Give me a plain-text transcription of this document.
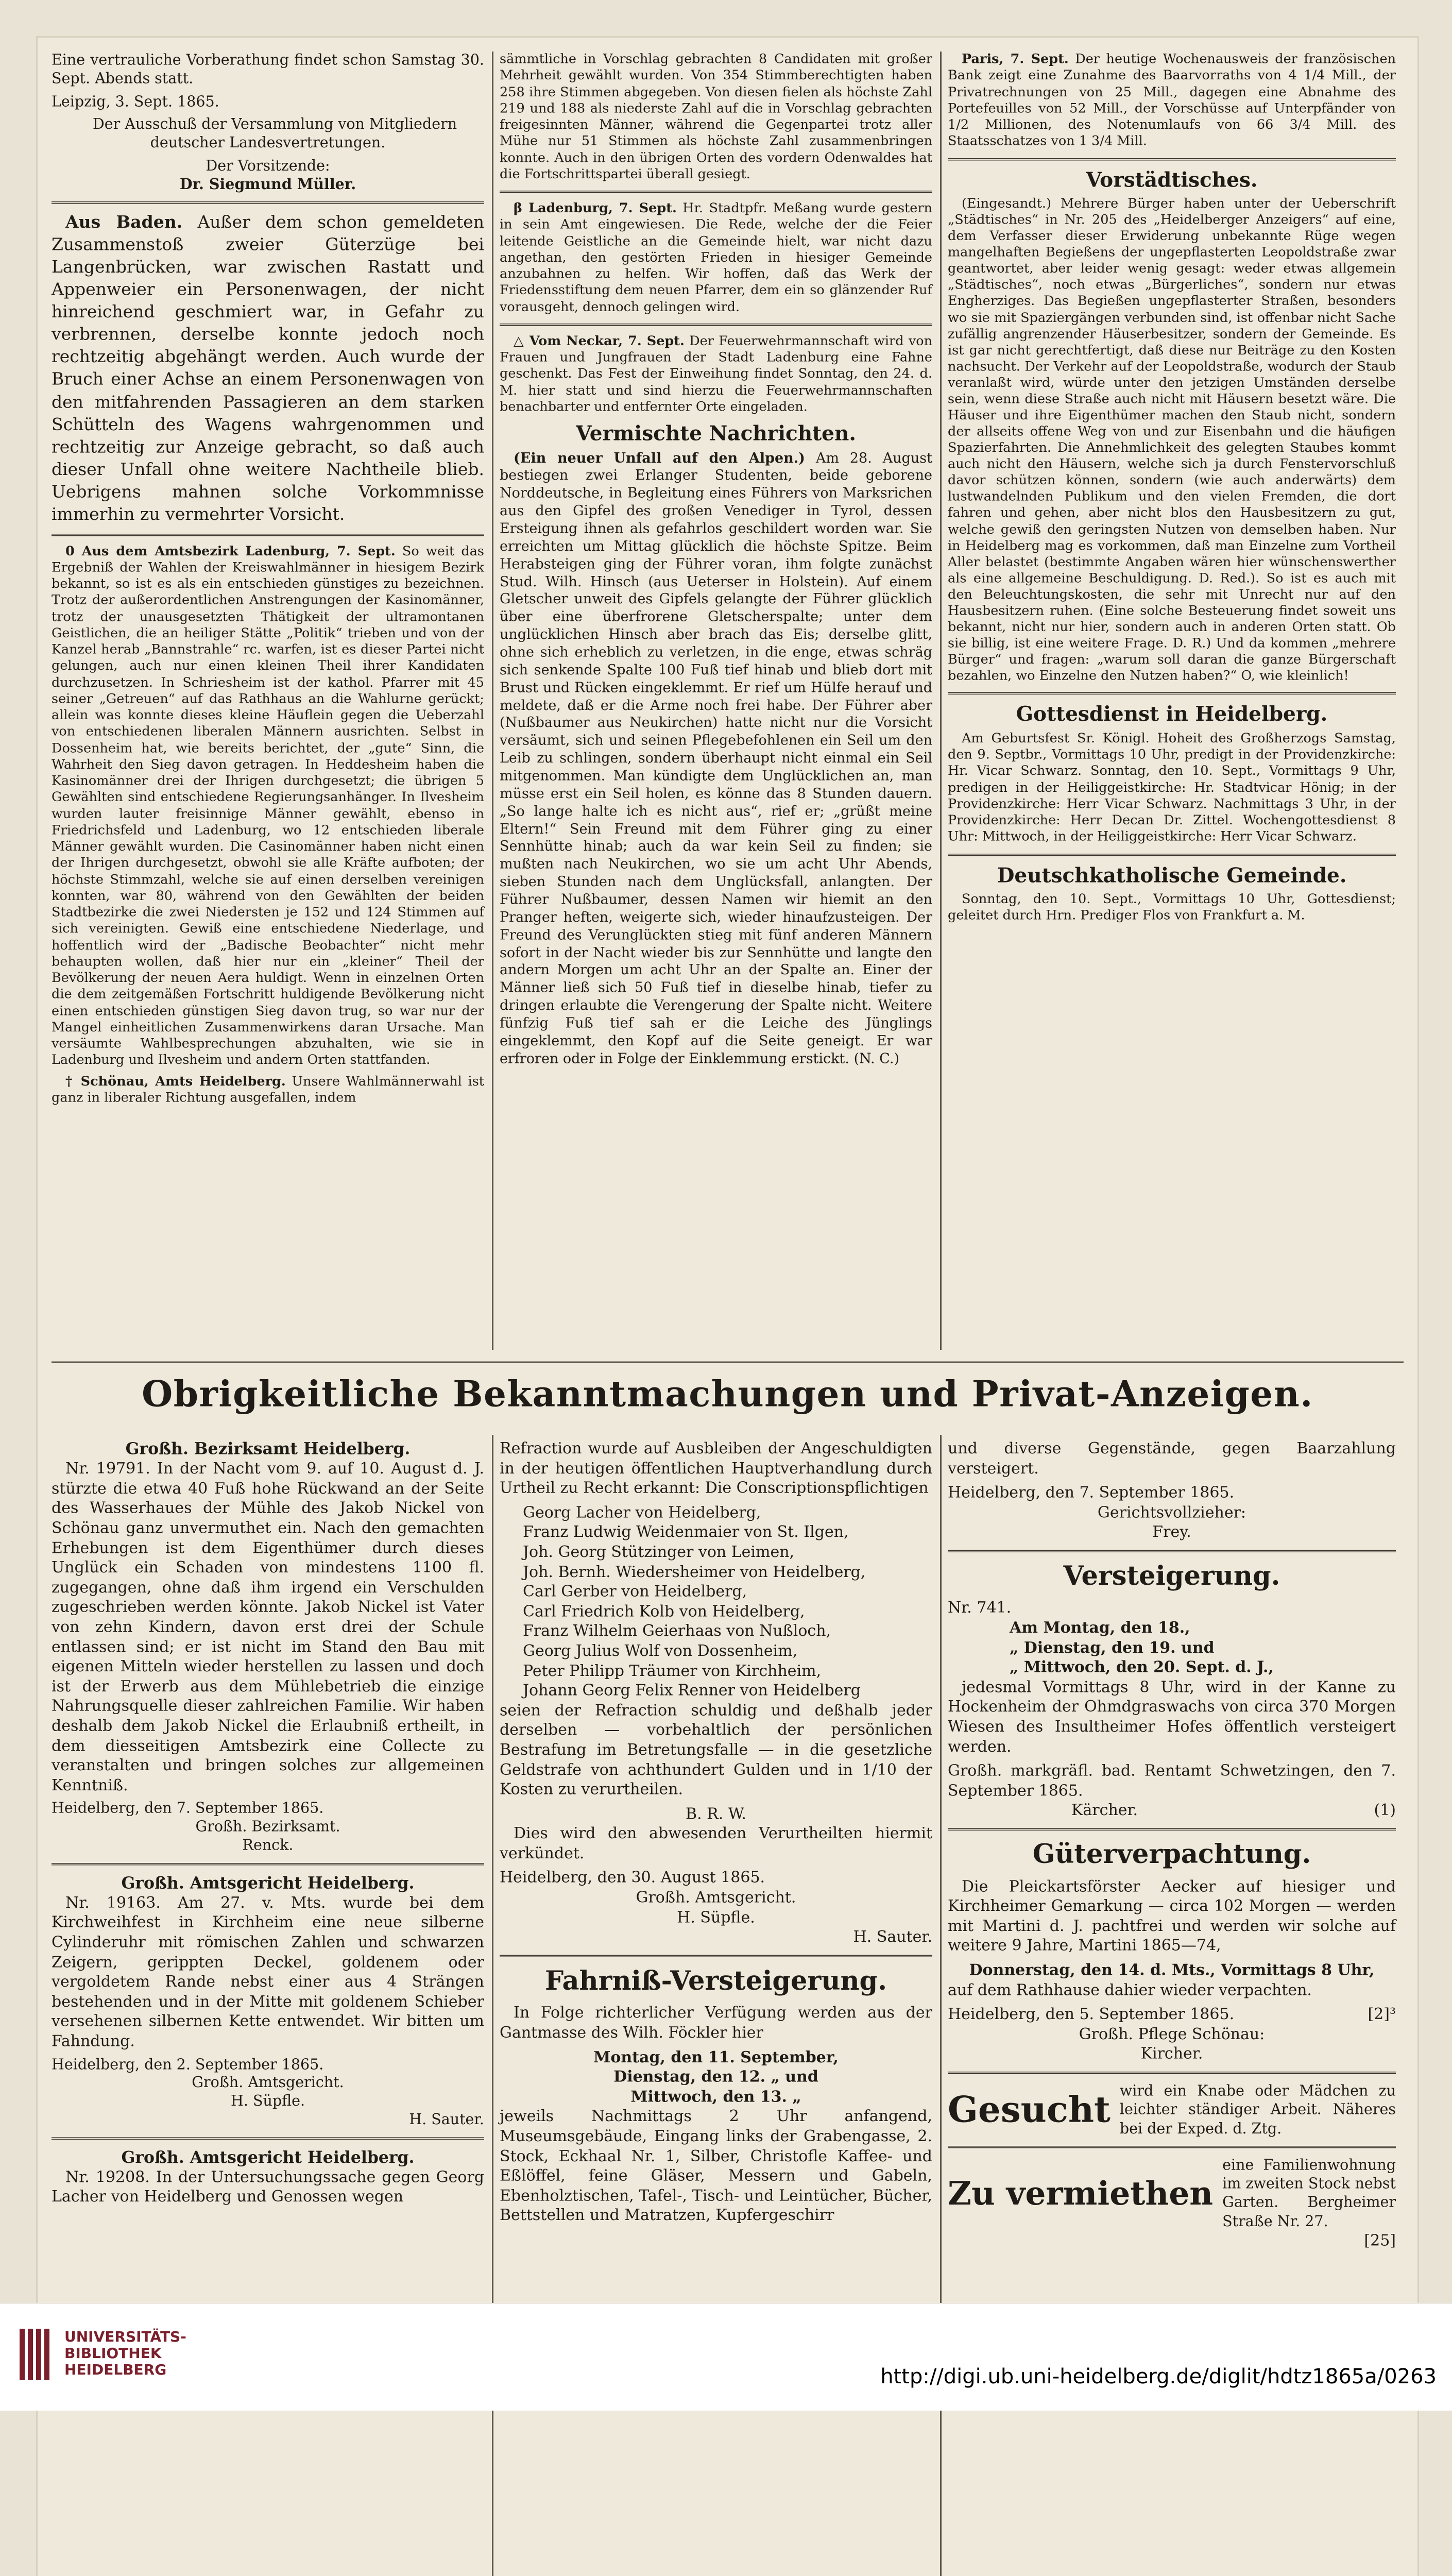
Eine vertrauliche Vorberathung findet schon Samstag 30. Sept. Abends statt.

Leipzig, 3. Sept. 1865.

Der Ausschuß der Versammlung von Mitgliedern deutscher Landesvertretungen.

Der Vorsitzende:
Dr. Siegmund Müller.

Aus Baden. Außer dem schon gemeldeten Zusammenstoß zweier Güterzüge bei Langenbrücken, war zwischen Rastatt und Appenweier ein Personenwagen, der nicht hinreichend geschmiert war, in Gefahr zu verbrennen, derselbe konnte jedoch noch rechtzeitig abgehängt werden. Auch wurde der Bruch einer Achse an einem Personenwagen von den mitfahrenden Passagieren an dem starken Schütteln des Wagens wahrgenommen und rechtzeitig zur Anzeige gebracht, so daß auch dieser Unfall ohne weitere Nachtheile blieb. Uebrigens mahnen solche Vorkommnisse immerhin zu vermehrter Vorsicht.

0 Aus dem Amtsbezirk Ladenburg, 7. Sept. So weit das Ergebniß der Wahlen der Kreiswahlmänner in hiesigem Bezirk bekannt, so ist es als ein entschieden günstiges zu bezeichnen. Trotz der außerordentlichen Anstrengungen der Kasinomänner, trotz der unausgesetzten Thätigkeit der ultramontanen Geistlichen, die an heiliger Stätte „Politik“ trieben und von der Kanzel herab „Bannstrahle“ rc. warfen, ist es dieser Partei nicht gelungen, auch nur einen kleinen Theil ihrer Kandidaten durchzusetzen. In Schriesheim ist der kathol. Pfarrer mit 45 seiner „Getreuen“ auf das Rathhaus an die Wahlurne gerückt; allein was konnte dieses kleine Häuflein gegen die Ueberzahl von entschiedenen liberalen Männern ausrichten. Selbst in Dossenheim hat, wie bereits berichtet, der „gute“ Sinn, die Wahrheit den Sieg davon getragen. In Heddesheim haben die Kasinomänner drei der Ihrigen durchgesetzt; die übrigen 5 Gewählten sind entschiedene Regierungsanhänger. In Ilvesheim wurden lauter freisinnige Männer gewählt, ebenso in Friedrichsfeld und Ladenburg, wo 12 entschieden liberale Männer gewählt wurden. Die Casinomänner haben nicht einen der Ihrigen durchgesetzt, obwohl sie alle Kräfte aufboten; der höchste Stimmzahl, welche sie auf einen derselben vereinigen konnten, war 80, während von den Gewählten der beiden Stadtbezirke die zwei Niedersten je 152 und 124 Stimmen auf sich vereinigten. Gewiß eine entschiedene Niederlage, und hoffentlich wird der „Badische Beobachter“ nicht mehr behaupten wollen, daß hier nur ein „kleiner“ Theil der Bevölkerung der neuen Aera huldigt. Wenn in einzelnen Orten die dem zeitgemäßen Fortschritt huldigende Bevölkerung nicht einen entschieden günstigen Sieg davon trug, so war nur der Mangel einheitlichen Zusammenwirkens daran Ursache. Man versäumte Wahlbesprechungen abzuhalten, wie sie in Ladenburg und Ilvesheim und andern Orten stattfanden.

† Schönau, Amts Heidelberg. Unsere Wahlmännerwahl ist ganz in liberaler Richtung ausgefallen, indem

sämmtliche in Vorschlag gebrachten 8 Candidaten mit großer Mehrheit gewählt wurden. Von 354 Stimmberechtigten haben 258 ihre Stimmen abgegeben. Von diesen fielen als höchste Zahl 219 und 188 als niederste Zahl auf die in Vorschlag gebrachten freigesinnten Männer, während die Gegenpartei trotz aller Mühe nur 51 Stimmen als höchste Zahl zusammenbringen konnte. Auch in den übrigen Orten des vordern Odenwaldes hat die Fortschrittspartei überall gesiegt.

β Ladenburg, 7. Sept. Hr. Stadtpfr. Meßang wurde gestern in sein Amt eingewiesen. Die Rede, welche der die Feier leitende Geistliche an die Gemeinde hielt, war nicht dazu angethan, den gestörten Frieden in hiesiger Gemeinde anzubahnen zu helfen. Wir hoffen, daß das Werk der Friedensstiftung dem neuen Pfarrer, dem ein so glänzender Ruf vorausgeht, dennoch gelingen wird.

△ Vom Neckar, 7. Sept. Der Feuerwehrmannschaft wird von Frauen und Jungfrauen der Stadt Ladenburg eine Fahne geschenkt. Das Fest der Einweihung findet Sonntag, den 24. d. M. hier statt und sind hierzu die Feuerwehrmannschaften benachbarter und entfernter Orte eingeladen.

Vermischte Nachrichten.

(Ein neuer Unfall auf den Alpen.) Am 28. August bestiegen zwei Erlanger Studenten, beide geborene Norddeutsche, in Begleitung eines Führers von Marksrichen aus den Gipfel des großen Venediger in Tyrol, dessen Ersteigung ihnen als gefahrlos geschildert worden war. Sie erreichten um Mittag glücklich die höchste Spitze. Beim Herabsteigen ging der Führer voran, ihm folgte zunächst Stud. Wilh. Hinsch (aus Ueterser in Holstein). Auf einem Gletscher unweit des Gipfels gelangte der Führer glücklich über eine überfrorene Gletscherspalte; unter dem unglücklichen Hinsch aber brach das Eis; derselbe glitt, ohne sich erheblich zu verletzen, in die enge, etwas schräg sich senkende Spalte 100 Fuß tief hinab und blieb dort mit Brust und Rücken eingeklemmt. Er rief um Hülfe herauf und meldete, daß er die Arme noch frei habe. Der Führer aber (Nußbaumer aus Neukirchen) hatte nicht nur die Vorsicht versäumt, sich und seinen Pflegebefohlenen ein Seil um den Leib zu schlingen, sondern überhaupt nicht einmal ein Seil mitgenommen. Man kündigte dem Unglücklichen an, man müsse erst ein Seil holen, es könne das 8 Stunden dauern. „So lange halte ich es nicht aus“, rief er; „grüßt meine Eltern!“ Sein Freund mit dem Führer ging zu einer Sennhütte hinab; auch da war kein Seil zu finden; sie mußten nach Neukirchen, wo sie um acht Uhr Abends, sieben Stunden nach dem Unglücksfall, anlangten. Der Führer Nußbaumer, dessen Namen wir hiemit an den Pranger heften, weigerte sich, wieder hinaufzusteigen. Der Freund des Verunglückten stieg mit fünf anderen Männern sofort in der Nacht wieder bis zur Sennhütte und langte den andern Morgen um acht Uhr an der Spalte an. Einer der Männer ließ sich 50 Fuß tief in dieselbe hinab, tiefer zu dringen erlaubte die Verengerung der Spalte nicht. Weitere fünfzig Fuß tief sah er die Leiche des Jünglings eingeklemmt, den Kopf auf die Seite geneigt. Er war erfroren oder in Folge der Einklemmung erstickt. (N. C.)

Paris, 7. Sept. Der heutige Wochenausweis der französischen Bank zeigt eine Zunahme des Baarvorraths von 4 1/4 Mill., der Privatrechnungen von 25 Mill., dagegen eine Abnahme des Portefeuilles von 52 Mill., der Vorschüsse auf Unterpfänder von 1/2 Millionen, des Notenumlaufs von 66 3/4 Mill. des Staatsschatzes von 1 3/4 Mill.

Vorstädtisches.

(Eingesandt.) Mehrere Bürger haben unter der Ueberschrift „Städtisches“ in Nr. 205 des „Heidelberger Anzeigers“ auf eine, dem Verfasser dieser Erwiderung unbekannte Rüge wegen mangelhaften Begießens der ungepflasterten Leopoldstraße zwar geantwortet, aber leider wenig gesagt: weder etwas allgemein „Städtisches“, noch etwas „Bürgerliches“, sondern nur etwas Engherziges. Das Begießen ungepflasterter Straßen, besonders wo sie mit Spaziergängen verbunden sind, ist offenbar nicht Sache zufällig angrenzender Häuserbesitzer, sondern der Gemeinde. Es ist gar nicht gerechtfertigt, daß diese nur Beiträge zu den Kosten nachsucht. Der Verkehr auf der Leopoldstraße, wodurch der Staub veranlaßt wird, würde unter den jetzigen Umständen derselbe sein, wenn diese Straße auch nicht mit Häusern besetzt wäre. Die Häuser und ihre Eigenthümer machen den Staub nicht, sondern der allseits offene Weg von und zur Eisenbahn und die häufigen Spazierfahrten. Die Annehmlichkeit des gelegten Staubes kommt auch nicht den Häusern, welche sich ja durch Fenstervorschluß davor schützen können, sondern (wie auch anderwärts) dem lustwandelnden Publikum und den vielen Fremden, die dort fahren und gehen, aber nicht blos den Hausbesitzern zu gut, welche gewiß den geringsten Nutzen von demselben haben. Nur in Heidelberg mag es vorkommen, daß man Einzelne zum Vortheil Aller belastet (bestimmte Angaben wären hier wünschenswerther als eine allgemeine Beschuldigung. D. Red.). So ist es auch mit den Beleuchtungskosten, die sehr mit Unrecht nur auf den Hausbesitzern ruhen. (Eine solche Besteuerung findet soweit uns bekannt, nicht nur hier, sondern auch in anderen Orten statt. Ob sie billig, ist eine weitere Frage. D. R.) Und da kommen „mehrere Bürger“ und fragen: „warum soll daran die ganze Bürgerschaft bezahlen, wo Einzelne den Nutzen haben?“ O, wie kleinlich!

Gottesdienst in Heidelberg.

Am Geburtsfest Sr. Königl. Hoheit des Großherzogs Samstag, den 9. Septbr., Vormittags 10 Uhr, predigt in der Providenzkirche: Hr. Vicar Schwarz. Sonntag, den 10. Sept., Vormittags 9 Uhr, predigen in der Heiliggeistkirche: Hr. Stadtvicar Hönig; in der Providenzkirche: Herr Vicar Schwarz. Nachmittags 3 Uhr, in der Providenzkirche: Herr Decan Dr. Zittel. Wochengottesdienst 8 Uhr: Mittwoch, in der Heiliggeistkirche: Herr Vicar Schwarz.

Deutschkatholische Gemeinde.

Sonntag, den 10. Sept., Vormittags 10 Uhr, Gottesdienst; geleitet durch Hrn. Prediger Flos von Frankfurt a. M.

Obrigkeitliche Bekanntmachungen und Privat-Anzeigen.
Großh. Bezirksamt Heidelberg.

Nr. 19791. In der Nacht vom 9. auf 10. August d. J. stürzte die etwa 40 Fuß hohe Rückwand an der Seite des Wasserhaues der Mühle des Jakob Nickel von Schönau ganz unvermuthet ein. Nach den gemachten Erhebungen ist dem Eigenthümer durch dieses Unglück ein Schaden von mindestens 1100 fl. zugegangen, ohne daß ihm irgend ein Verschulden zugeschrieben werden könnte. Jakob Nickel ist Vater von zehn Kindern, davon erst drei der Schule entlassen sind; er ist nicht im Stand den Bau mit eigenen Mitteln wieder herstellen zu lassen und doch ist der Erwerb aus dem Mühlebetrieb die einzige Nahrungsquelle dieser zahlreichen Familie. Wir haben deshalb dem Jakob Nickel die Erlaubniß ertheilt, in dem diesseitigen Amtsbezirk eine Collecte zu veranstalten und bringen solches zur allgemeinen Kenntniß.

Heidelberg, den 7. September 1865.
Großh. Bezirksamt.
Renck.
Großh. Amtsgericht Heidelberg.

Nr. 19163. Am 27. v. Mts. wurde bei dem Kirchweihfest in Kirchheim eine neue silberne Cylinderuhr mit römischen Zahlen und schwarzen Zeigern, gerippten Deckel, goldenem oder vergoldetem Rande nebst einer aus 4 Strängen bestehenden und in der Mitte mit goldenem Schieber versehenen silbernen Kette entwendet. Wir bitten um Fahndung.

Heidelberg, den 2. September 1865.
Großh. Amtsgericht.
H. Süpfle.
H. Sauter.
Großh. Amtsgericht Heidelberg.

Nr. 19208. In der Untersuchungssache gegen Georg Lacher von Heidelberg und Genossen wegen

Refraction wurde auf Ausbleiben der Angeschuldigten in der heutigen öffentlichen Hauptverhandlung durch Urtheil zu Recht erkannt: Die Conscriptionspflichtigen

Georg Lacher von Heidelberg,
Franz Ludwig Weidenmaier von St. Ilgen,
Joh. Georg Stützinger von Leimen,
Joh. Bernh. Wiedersheimer von Heidelberg,
Carl Gerber von Heidelberg,
Carl Friedrich Kolb von Heidelberg,
Franz Wilhelm Geierhaas von Nußloch,
Georg Julius Wolf von Dossenheim,
Peter Philipp Träumer von Kirchheim,
Johann Georg Felix Renner von Heidelberg

seien der Refraction schuldig und deßhalb jeder derselben — vorbehaltlich der persönlichen Bestrafung im Betretungsfalle — in die gesetzliche Geldstrafe von achthundert Gulden und in 1/10 der Kosten zu verurtheilen.

B. R. W.

Dies wird den abwesenden Verurtheilten hiermit verkündet.

Heidelberg, den 30. August 1865.
Großh. Amtsgericht.
H. Süpfle.
H. Sauter.
Fahrniß-Versteigerung.

In Folge richterlicher Verfügung werden aus der Gantmasse des Wilh. Föckler hier

Montag, den 11. September,
Dienstag, den 12. „ und
Mittwoch, den 13. „

jeweils Nachmittags 2 Uhr anfangend, Museumsgebäude, Eingang links der Grabengasse, 2. Stock, Eckhaal Nr. 1, Silber, Christofle Kaffee- und Eßlöffel, feine Gläser, Messern und Gabeln, Ebenholztischen, Tafel-, Tisch- und Leintücher, Bücher, Bettstellen und Matratzen, Kupfergeschirr

und diverse Gegenstände, gegen Baarzahlung versteigert.

Heidelberg, den 7. September 1865.
Gerichtsvollzieher:
Frey.
Versteigerung.
Nr. 741.
Am Montag, den 18.,
„ Dienstag, den 19. und
„ Mittwoch, den 20. Sept. d. J.,

jedesmal Vormittags 8 Uhr, wird in der Kanne zu Hockenheim der Ohmdgraswachs von circa 370 Morgen Wiesen des Insultheimer Hofes öffentlich versteigert werden.

Großh. markgräfl. bad. Rentamt Schwetzingen, den 7. September 1865.
Kärcher.	(1)
Güterverpachtung.

Die Pleickartsförster Aecker auf hiesiger und Kirchheimer Gemarkung — circa 102 Morgen — werden mit Martini d. J. pachtfrei und werden wir solche auf weitere 9 Jahre, Martini 1865—74,

Donnerstag, den 14. d. Mts., Vormittags 8 Uhr,

auf dem Rathhause dahier wieder verpachten.

Heidelberg, den 5. September 1865.	[2]³
Großh. Pflege Schönau:
Kircher.
Gesucht wird ein Knabe oder Mädchen zu leichter ständiger Arbeit. Näheres bei der Exped. d. Ztg.
Zu vermiethen
eine Familienwohnung im zweiten Stock nebst Garten. Bergheimer Straße Nr. 27.
[25]
UNIVERSITÄTS-
BIBLIOTHEK
HEIDELBERG	http://digi.ub.uni-heidelberg.de/diglit/hdtz1865a/0263
